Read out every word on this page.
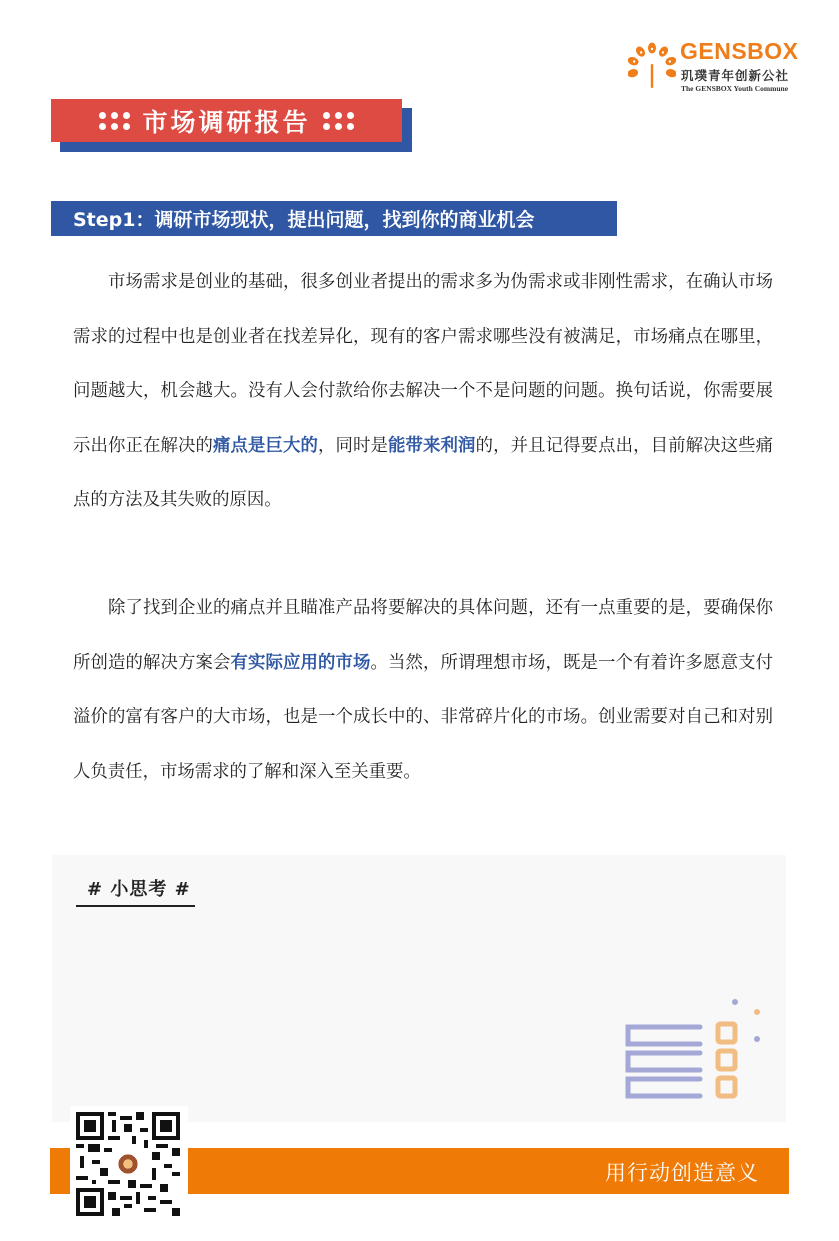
GENSBOX
玑璞青年创新公社
The GENSBOX Youth Commune
市场调研报告
Step1：调研市场现状，提出问题，找到你的商业机会
市场需求是创业的基础，很多创业者提出的需求多为伪需求或非刚性需求，在确认市场需求的过程中也是创业者在找差异化，现有的客户需求哪些没有被满足，市场痛点在哪里，问题越大，机会越大。没有人会付款给你去解决一个不是问题的问题。换句话说，你需要展示出你正在解决的痛点是巨大的，同时是能带来利润的，并且记得要点出，目前解决这些痛点的方法及其失败的原因。
除了找到企业的痛点并且瞄准产品将要解决的具体问题，还有一点重要的是，要确保你所创造的解决方案会有实际应用的市场。当然，所谓理想市场，既是一个有着许多愿意支付溢价的富有客户的大市场，也是一个成长中的、非常碎片化的市场。创业需要对自己和对别人负责任，市场需求的了解和深入至关重要。
# 小思考 #
用行动创造意义
